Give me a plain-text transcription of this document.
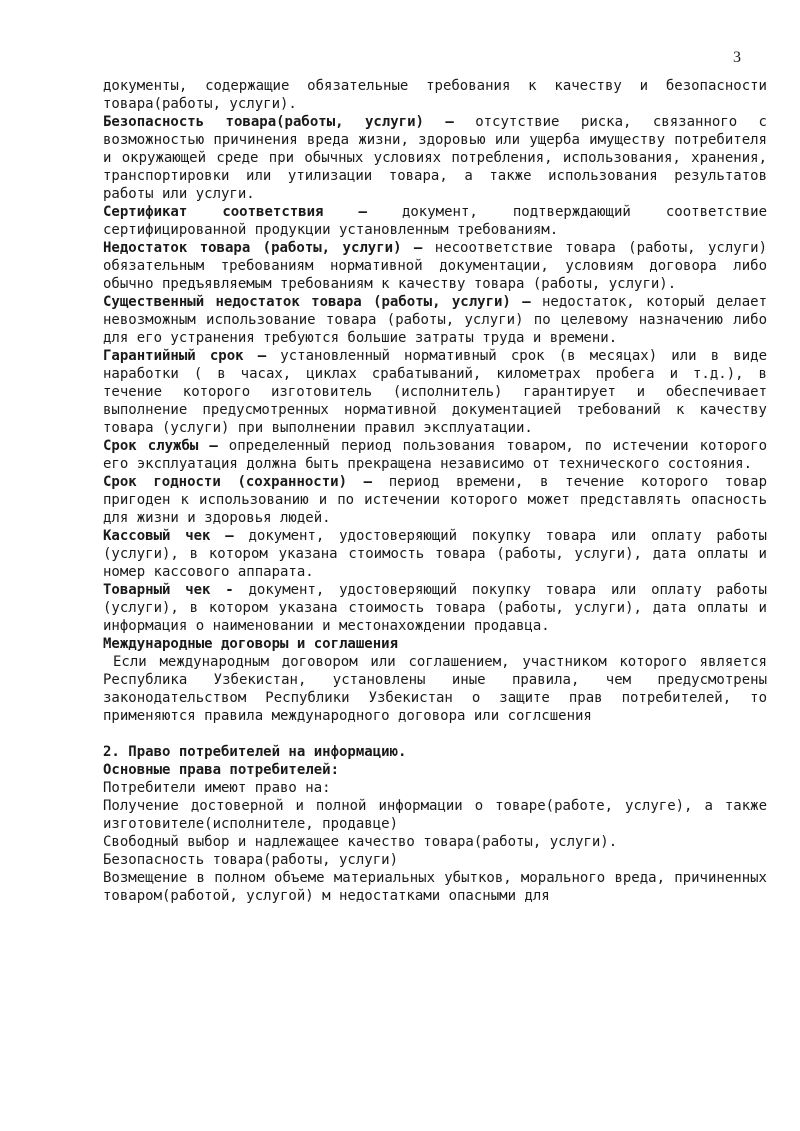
3

документы, содержащие обязательные требования к качеству и безопасности товара(работы, услуги).

Безопасность товара(работы, услуги) – отсутствие риска, связанного с возможностью причинения вреда жизни, здоровью или ущерба имуществу потребителя и окружающей среде при обычных условиях потребления, использования, хранения, транспортировки или утилизации товара, а также использования результатов работы или услуги.

Сертификат соответствия – документ, подтверждающий соответствие сертифицированной продукции установленным требованиям.

Недостаток товара (работы, услуги) – несоответствие товара (работы, услуги) обязательным требованиям нормативной документации, условиям договора либо обычно предъявляемым требованиям к качеству товара (работы, услуги).

Существенный недостаток товара (работы, услуги) – недостаток, который делает невозможным использование товара (работы, услуги) по целевому назначению либо для его устранения требуются большие затраты труда и времени.

Гарантийный срок – установленный нормативный срок (в месяцах) или в виде наработки ( в часах, циклах срабатываний, километрах пробега и т.д.), в течение которого изготовитель (исполнитель) гарантирует и обеспечивает выполнение предусмотренных нормативной документацией требований к качеству товара (услуги) при выполнении правил эксплуатации.

Срок службы – определенный период пользования товаром, по истечении которого его эксплуатация должна быть прекращена независимо от технического состояния.

Срок годности (сохранности) – период времени, в течение которого товар пригоден к использованию и по истечении которого может представлять опасность для жизни и здоровья людей.

Кассовый чек – документ, удостоверяющий покупку товара или оплату работы (услуги), в котором указана стоимость товара (работы, услуги), дата оплаты и номер кассового аппарата.

Товарный чек - документ, удостоверяющий покупку товара или оплату работы (услуги), в котором указана стоимость товара (работы, услуги), дата оплаты и информация о наименовании и местонахождении продавца.

Международные договоры и соглашения

Если международным договором или соглашением, участником которого является Республика Узбекистан, установлены иные правила, чем предусмотрены законодательством Республики Узбекистан о защите прав потребителей, то применяются правила международного договора или соглсшения

2. Право потребителей на информацию.

Основные права потребителей:

Потребители имеют право на:

Получение достоверной и полной информации о товаре(работе, услуге), а также изготовителе(исполнителе, продавце)

Свободный выбор и надлежащее качество товара(работы, услуги).

Безопасность товара(работы, услуги)

Возмещение в полном объеме материальных убытков, морального вреда, причиненных товаром(работой, услугой) м недостатками опасными для
